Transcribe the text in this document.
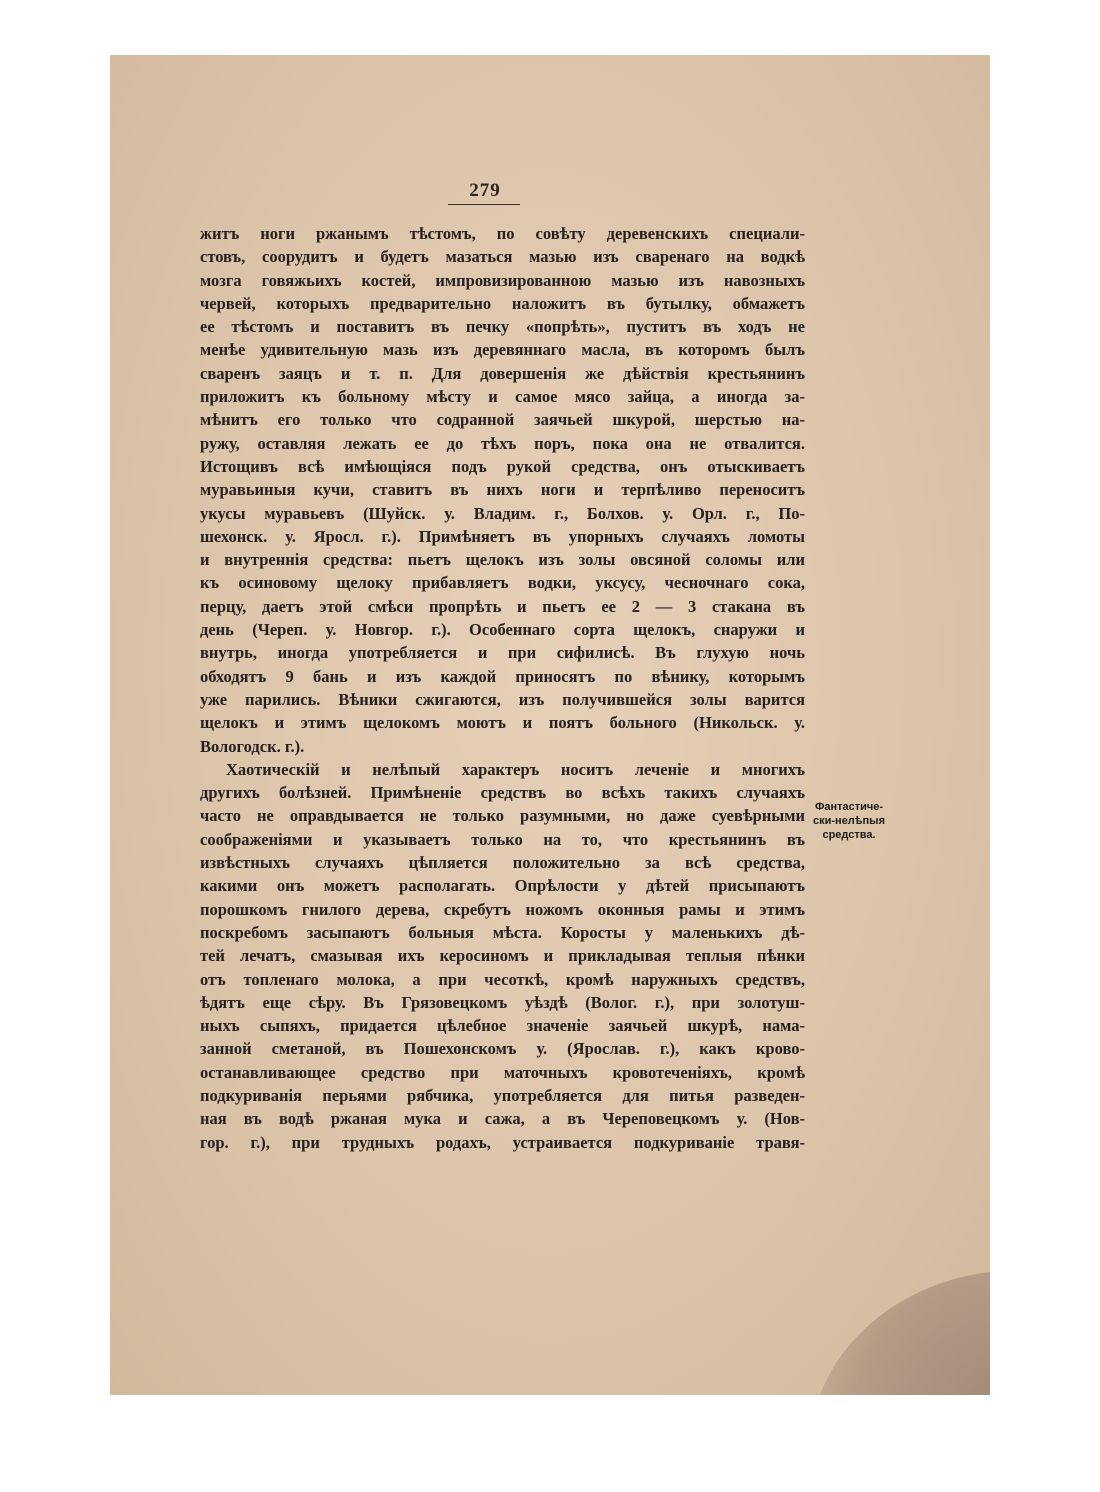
279
житъ ноги ржанымъ тѣстомъ, по совѣту деревенскихъ специали-
стовъ, соорудитъ и будетъ мазаться мазью изъ сваренаго на водкѣ
мозга говяжьихъ костей, импровизированною мазью изъ навозныхъ
червей, которыхъ предварительно наложитъ въ бутылку, обмажетъ
ее тѣстомъ и поставитъ въ печку «попрѣть», пуститъ въ ходъ не
менѣе удивительную мазь изъ деревяннаго масла, въ которомъ былъ
сваренъ заяцъ и т. п. Для довершенія же дѣйствія крестьянинъ
приложитъ къ больному мѣсту и самое мясо зайца, а иногда за-
мѣнитъ его только что содранной заячьей шкурой, шерстью на-
ружу, оставляя лежать ее до тѣхъ поръ, пока она не отвалится.
Истощивъ всѣ имѣющіяся подъ рукой средства, онъ отыскиваетъ
муравьиныя кучи, ставитъ въ нихъ ноги и терпѣливо переноситъ
укусы муравьевъ (Шуйск. у. Владим. г., Болхов. у. Орл. г., По-
шехонск. у. Яросл. г.). Примѣняетъ въ упорныхъ случаяхъ ломоты
и внутреннія средства: пьетъ щелокъ изъ золы овсяной соломы или
къ осиновому щелоку прибавляетъ водки, уксусу, чесночнаго сока,
перцу, даетъ этой смѣси пропрѣть и пьетъ ее 2 — 3 стакана въ
день (Череп. у. Новгор. г.). Особеннаго сорта щелокъ, снаружи и
внутрь, иногда употребляется и при сифилисѣ. Въ глухую ночь
обходятъ 9 бань и изъ каждой приносятъ по вѣнику, которымъ
уже парились. Вѣники сжигаются, изъ получившейся золы варится
щелокъ и этимъ щелокомъ моютъ и поятъ больного (Никольск. у.
Вологодск. г.).
Хаотическій и нелѣпый характеръ носитъ леченіе и многихъ
другихъ болѣзней. Примѣненіе средствъ во всѣхъ такихъ случаяхъ
часто не оправдывается не только разумными, но даже суевѣрными
соображеніями и указываетъ только на то, что крестьянинъ въ
извѣстныхъ случаяхъ цѣпляется положительно за всѣ средства,
какими онъ можетъ располагать. Опрѣлости у дѣтей присыпаютъ
порошкомъ гнилого дерева, скребутъ ножомъ оконныя рамы и этимъ
поскребомъ засыпаютъ больныя мѣста. Коросты у маленькихъ дѣ-
тей лечатъ, смазывая ихъ керосиномъ и прикладывая теплыя пѣнки
отъ топленаго молока, а при чесоткѣ, кромѣ наружныхъ средствъ,
ѣдятъ еще сѣру. Въ Грязовецкомъ уѣздѣ (Волог. г.), при золотуш-
ныхъ сыпяхъ, придается цѣлебное значеніе заячьей шкурѣ, нама-
занной сметаной, въ Пошехонскомъ у. (Ярослав. г.), какъ крово-
останавливающее средство при маточныхъ кровотеченіяхъ, кромѣ
подкуриванія перьями рябчика, употребляется для питья разведен-
ная въ водѣ ржаная мука и сажа, а въ Череповецкомъ у. (Нов-
гор. г.), при трудныхъ родахъ, устраивается подкуриваніе травя-
Фантастиче-
ски-нелѣпыя
средства.
